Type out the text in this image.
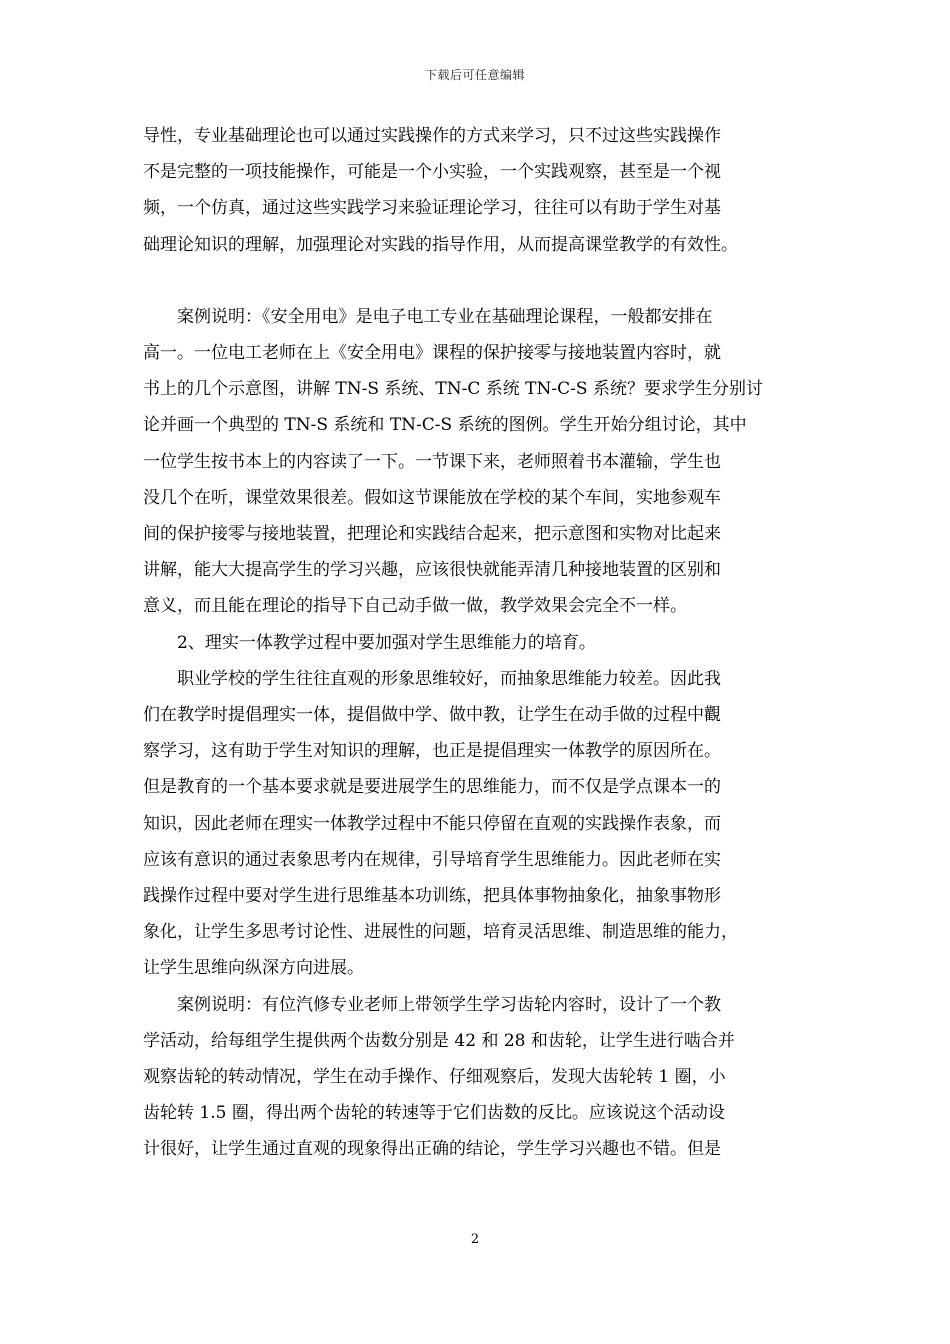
下载后可任意编辑
导性，专业基础理论也可以通过实践操作的方式来学习，只不过这些实践操作
不是完整的一项技能操作，可能是一个小实验，一个实践观察，甚至是一个视
频，一个仿真，通过这些实践学习来验证理论学习，往往可以有助于学生对基
础理论知识的理解，加强理论对实践的指导作用，从而提高课堂教学的有效性。
案例说明：《安全用电》是电子电工专业在基础理论课程，一般都安排在
高一。一位电工老师在上《安全用电》课程的保护接零与接地装置内容时，就
书上的几个示意图，讲解 TN-S 系统、TN-C 系统 TN-C-S 系统？要求学生分别讨
论并画一个典型的 TN-S 系统和 TN-C-S 系统的图例。学生开始分组讨论，其中
一位学生按书本上的内容读了一下。一节课下来，老师照着书本灌输，学生也
没几个在听，课堂效果很差。假如这节课能放在学校的某个车间，实地参观车
间的保护接零与接地装置，把理论和实践结合起来，把示意图和实物对比起来
讲解，能大大提高学生的学习兴趣，应该很快就能弄清几种接地装置的区别和
意义，而且能在理论的指导下自己动手做一做，教学效果会完全不一样。
2、理实一体教学过程中要加强对学生思维能力的培育。
职业学校的学生往往直观的形象思维较好，而抽象思维能力较差。因此我
们在教学时提倡理实一体，提倡做中学、做中教，让学生在动手做的过程中觀
察学习，这有助于学生对知识的理解，也正是提倡理实一体教学的原因所在。
但是教育的一个基本要求就是要进展学生的思维能力，而不仅是学点课本一的
知识，因此老师在理实一体教学过程中不能只停留在直观的实践操作表象，而
应该有意识的通过表象思考内在规律，引导培育学生思维能力。因此老师在实
践操作过程中要对学生进行思维基本功训练，把具体事物抽象化，抽象事物形
象化，让学生多思考讨论性、进展性的问题，培育灵活思维、制造思维的能力，
让学生思维向纵深方向进展。
案例说明：有位汽修专业老师上带领学生学习齿轮内容时，设计了一个教
学活动，给每组学生提供两个齿数分别是 42 和 28 和齿轮，让学生进行啮合并
观察齿轮的转动情况，学生在动手操作、仔细观察后，发现大齿轮转 1 圈，小
齿轮转 1.5 圈，得出两个齿轮的转速等于它们齿数的反比。应该说这个活动设
计很好，让学生通过直观的现象得出正确的结论，学生学习兴趣也不错。但是
2
